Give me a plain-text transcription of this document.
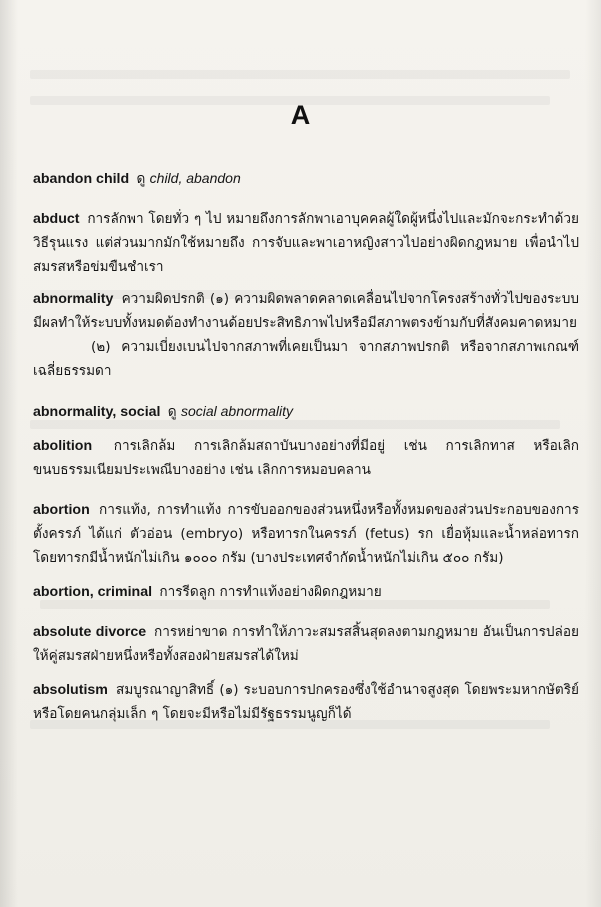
A

abandon child ดู child, abandon

abduct การลักพา โดยทั่ว ๆ ไป หมายถึงการลักพาเอาบุคคลผู้ใดผู้หนึ่งไปและมักจะกระทำด้วยวิธีรุนแรง แต่ส่วนมากมักใช้หมายถึง การจับและพาเอาหญิงสาวไปอย่างผิดกฎหมาย เพื่อนำไปสมรสหรือข่มขืนชำเรา

abnormality ความผิดปรกติ (๑) ความผิดพลาดคลาดเคลื่อนไปจากโครงสร้างทั่วไปของระบบ มีผลทำให้ระบบทั้งหมดต้องทำงานด้อยประสิทธิภาพไปหรือมีสภาพตรงข้ามกับที่สังคมคาดหมาย

(๒) ความเบี่ยงเบนไปจากสภาพที่เคยเป็นมา จากสภาพปรกติ หรือจากสภาพเกณฑ์เฉลี่ยธรรมดา

abnormality, social ดู social abnormality

abolition การเลิกล้ม การเลิกล้มสถาบันบางอย่างที่มีอยู่ เช่น การเลิกทาส หรือเลิกขนบธรรมเนียมประเพณีบางอย่าง เช่น เลิกการหมอบคลาน

abortion การแท้ง, การทำแท้ง การขับออกของส่วนหนึ่งหรือทั้งหมดของส่วนประกอบของการตั้งครรภ์ ได้แก่ ตัวอ่อน (embryo) หรือทารกในครรภ์ (fetus) รก เยื่อหุ้มและน้ำหล่อทารก โดยทารกมีน้ำหนักไม่เกิน ๑๐๐๐ กรัม (บางประเทศจำกัดน้ำหนักไม่เกิน ๕๐๐ กรัม)

abortion, criminal การรีดลูก การทำแท้งอย่างผิดกฎหมาย

absolute divorce การหย่าขาด การทำให้ภาวะสมรสสิ้นสุดลงตามกฎหมาย อันเป็นการปล่อยให้คู่สมรสฝ่ายหนึ่งหรือทั้งสองฝ่ายสมรสได้ใหม่

absolutism สมบูรณาญาสิทธิ์ (๑) ระบอบการปกครองซึ่งใช้อำนาจสูงสุด โดยพระมหากษัตริย์ หรือโดยคนกลุ่มเล็ก ๆ โดยจะมีหรือไม่มีรัฐธรรมนูญก็ได้
